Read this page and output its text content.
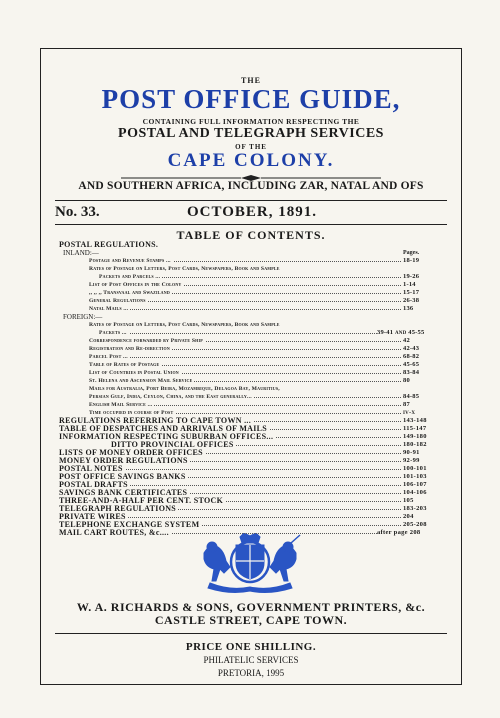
THE
POST OFFICE GUIDE,
CONTAINING FULL INFORMATION RESPECTING THE
POSTAL AND TELEGRAPH SERVICES
OF THE
CAPE COLONY.
AND SOUTHERN AFRICA, INCLUDING ZAR, NATAL AND OFS
No. 33.	OCTOBER, 1891.
TABLE OF CONTENTS.
POSTAL REGULATIONS.
INLAND:—	Pages.
Postage and Revenue Stamps ...	18-19
Rates of Postage on Letters, Post Cards, Newspapers, Book and Sample
Packets and Parcels ...	19-26
List of Post Offices in the Colony	1-14
,, ,, ,, Transvaal and Swaziland	15-17
General Regulations	26-38
Natal Mails ...	136
FOREIGN:—
Rates of Postage on Letters, Post Cards, Newspapers, Book and Sample
Packets ...	39-41 and 45-55
Correspondence forwarded by Private Ship	42
Registration and Re-direction	42-43
Parcel Post ...	68-82
Table of Rates of Postage	45-65
List of Countries in Postal Union	83-84
St. Helena and Ascension Mail Service	80
Mails for Australia, Port Beira, Mozambique, Delagoa Bay, Mauritius,
Persian Gulf, India, Ceylon, China, and the East generally...	84-85
English Mail Service ...	87
Time occupied in course of Post	iv-x
REGULATIONS REFERRING TO CAPE TOWN ...	143-148
TABLE OF DESPATCHES AND ARRIVALS OF MAILS	115-147
INFORMATION RESPECTING SUBURBAN OFFICES...	149-180
DITTO PROVINCIAL OFFICES	180-182
LISTS OF MONEY ORDER OFFICES	90-91
MONEY ORDER REGULATIONS	92-99
POSTAL NOTES	100-101
POST OFFICE SAVINGS BANKS	101-103
POSTAL DRAFTS	106-107
SAVINGS BANK CERTIFICATES	104-106
THREE-AND-A-HALF PER CENT. STOCK	105
TELEGRAPH REGULATIONS	183-203
PRIVATE WIRES	204
TELEPHONE EXCHANGE SYSTEM	205-208
MAIL CART ROUTES, &c....	after page 208
W. A. RICHARDS & SONS, GOVERNMENT PRINTERS, &c.
CASTLE STREET, CAPE TOWN.
PRICE ONE SHILLING.
PHILATELIC SERVICES
PRETORIA, 1995
